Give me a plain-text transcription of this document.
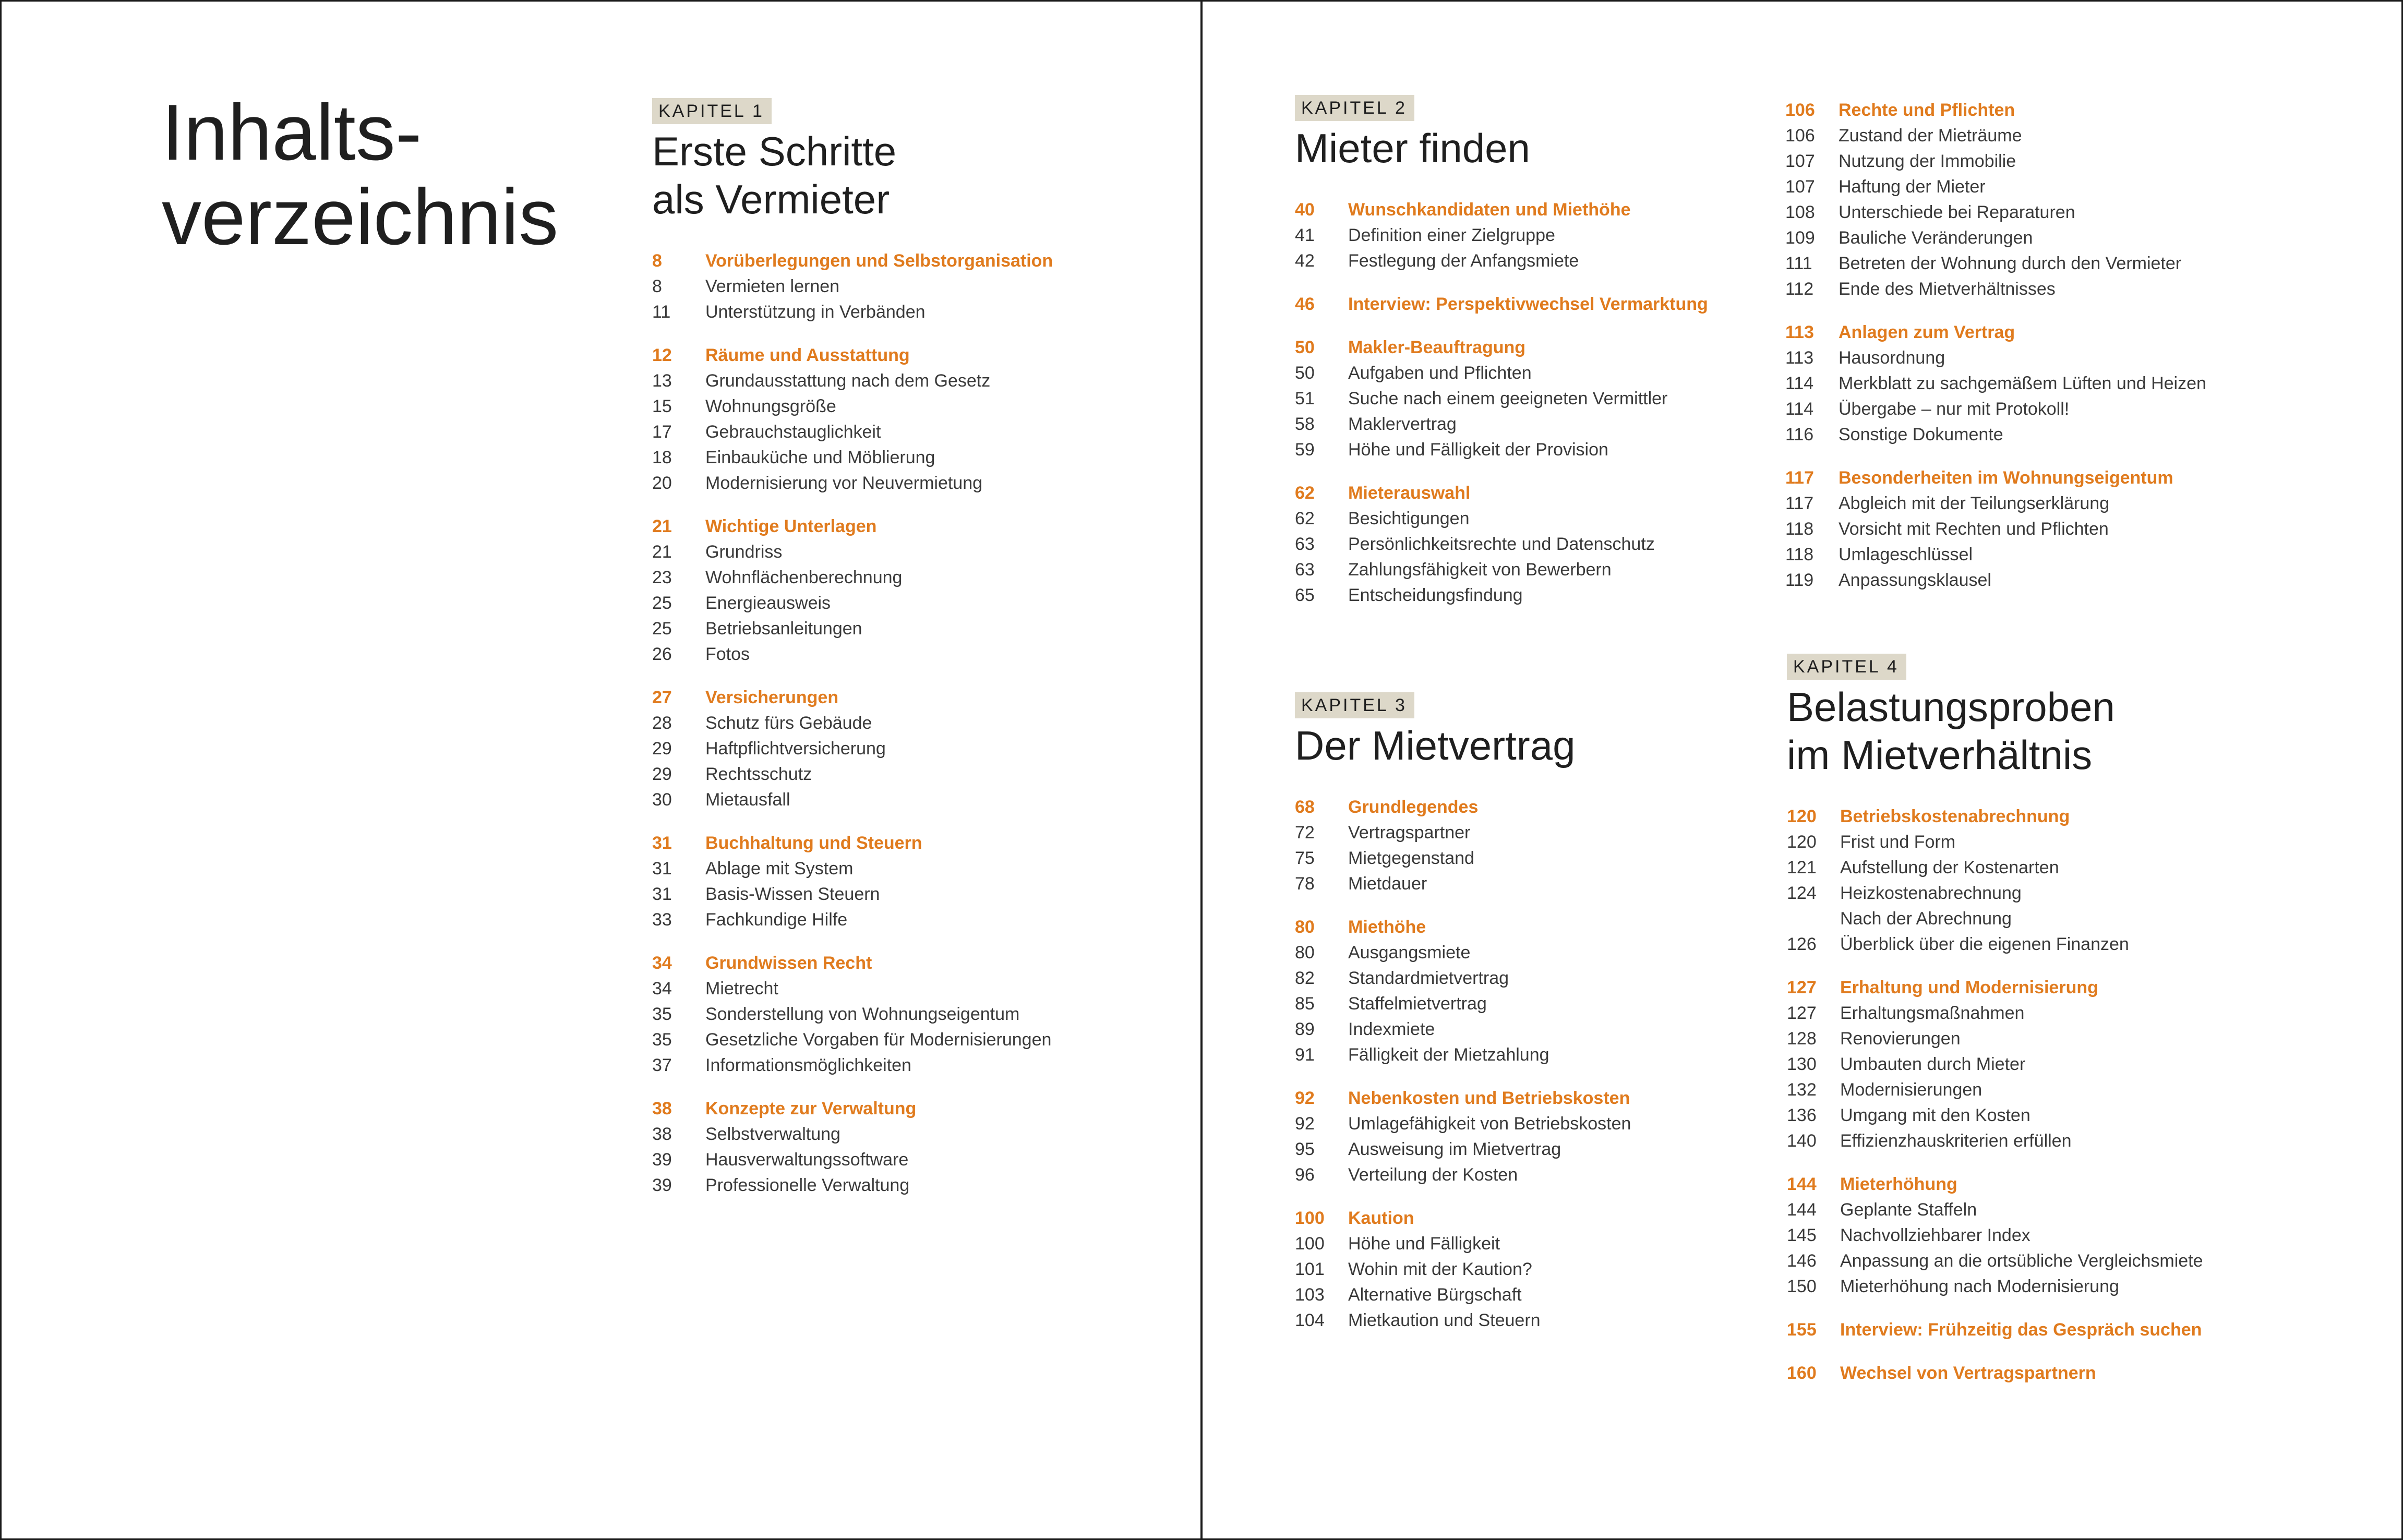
Inhalts-
verzeichnis
KAPITEL 1
Erste Schritte
als Vermieter
8	Vorüberlegungen und Selbstorganisation
8	Vermieten lernen
11	Unterstützung in Verbänden
12	Räume und Ausstattung
13	Grundausstattung nach dem Gesetz
15	Wohnungsgröße
17	Gebrauchstauglichkeit
18	Einbauküche und Möblierung
20	Modernisierung vor Neuvermietung
21	Wichtige Unterlagen
21	Grundriss
23	Wohnflächenberechnung
25	Energieausweis
25	Betriebsanleitungen
26	Fotos
27	Versicherungen
28	Schutz fürs Gebäude
29	Haftpflichtversicherung
29	Rechtsschutz
30	Mietausfall
31	Buchhaltung und Steuern
31	Ablage mit System
31	Basis-Wissen Steuern
33	Fachkundige Hilfe
34	Grundwissen Recht
34	Mietrecht
35	Sonderstellung von Wohnungseigentum
35	Gesetzliche Vorgaben für Modernisierungen
37	Informationsmöglichkeiten
38	Konzepte zur Verwaltung
38	Selbstverwaltung
39	Hausverwaltungssoftware
39	Professionelle Verwaltung
KAPITEL 2
Mieter finden
40	Wunschkandidaten und Miethöhe
41	Definition einer Zielgruppe
42	Festlegung der Anfangsmiete
46	Interview: Perspektivwechsel Vermarktung
50	Makler-Beauftragung
50	Aufgaben und Pflichten
51	Suche nach einem geeigneten Vermittler
58	Maklervertrag
59	Höhe und Fälligkeit der Provision
62	Mieterauswahl
62	Besichtigungen
63	Persönlichkeitsrechte und Datenschutz
63	Zahlungsfähigkeit von Bewerbern
65	Entscheidungsfindung
KAPITEL 3
Der Mietvertrag
68	Grundlegendes
72	Vertragspartner
75	Mietgegenstand
78	Mietdauer
80	Miethöhe
80	Ausgangsmiete
82	Standardmietvertrag
85	Staffelmietvertrag
89	Indexmiete
91	Fälligkeit der Mietzahlung
92	Nebenkosten und Betriebskosten
92	Umlagefähigkeit von Betriebskosten
95	Ausweisung im Mietvertrag
96	Verteilung der Kosten
100	Kaution
100	Höhe und Fälligkeit
101	Wohin mit der Kaution?
103	Alternative Bürgschaft
104	Mietkaution und Steuern
106	Rechte und Pflichten
106	Zustand der Mieträume
107	Nutzung der Immobilie
107	Haftung der Mieter
108	Unterschiede bei Reparaturen
109	Bauliche Veränderungen
111	Betreten der Wohnung durch den Vermieter
112	Ende des Mietverhältnisses
113	Anlagen zum Vertrag
113	Hausordnung
114	Merkblatt zu sachgemäßem Lüften und Heizen
114	Übergabe – nur mit Protokoll!
116	Sonstige Dokumente
117	Besonderheiten im Wohnungseigentum
117	Abgleich mit der Teilungserklärung
118	Vorsicht mit Rechten und Pflichten
118	Umlageschlüssel
119	Anpassungsklausel
KAPITEL 4
Belastungsproben
im Mietverhältnis
120	Betriebskostenabrechnung
120	Frist und Form
121	Aufstellung der Kostenarten
124	Heizkostenabrechnung
Nach der Abrechnung
126	Überblick über die eigenen Finanzen
127	Erhaltung und Modernisierung
127	Erhaltungsmaßnahmen
128	Renovierungen
130	Umbauten durch Mieter
132	Modernisierungen
136	Umgang mit den Kosten
140	Effizienzhauskriterien erfüllen
144	Mieterhöhung
144	Geplante Staffeln
145	Nachvollziehbarer Index
146	Anpassung an die ortsübliche Vergleichsmiete
150	Mieterhöhung nach Modernisierung
155	Interview: Frühzeitig das Gespräch suchen
160	Wechsel von Vertragspartnern
